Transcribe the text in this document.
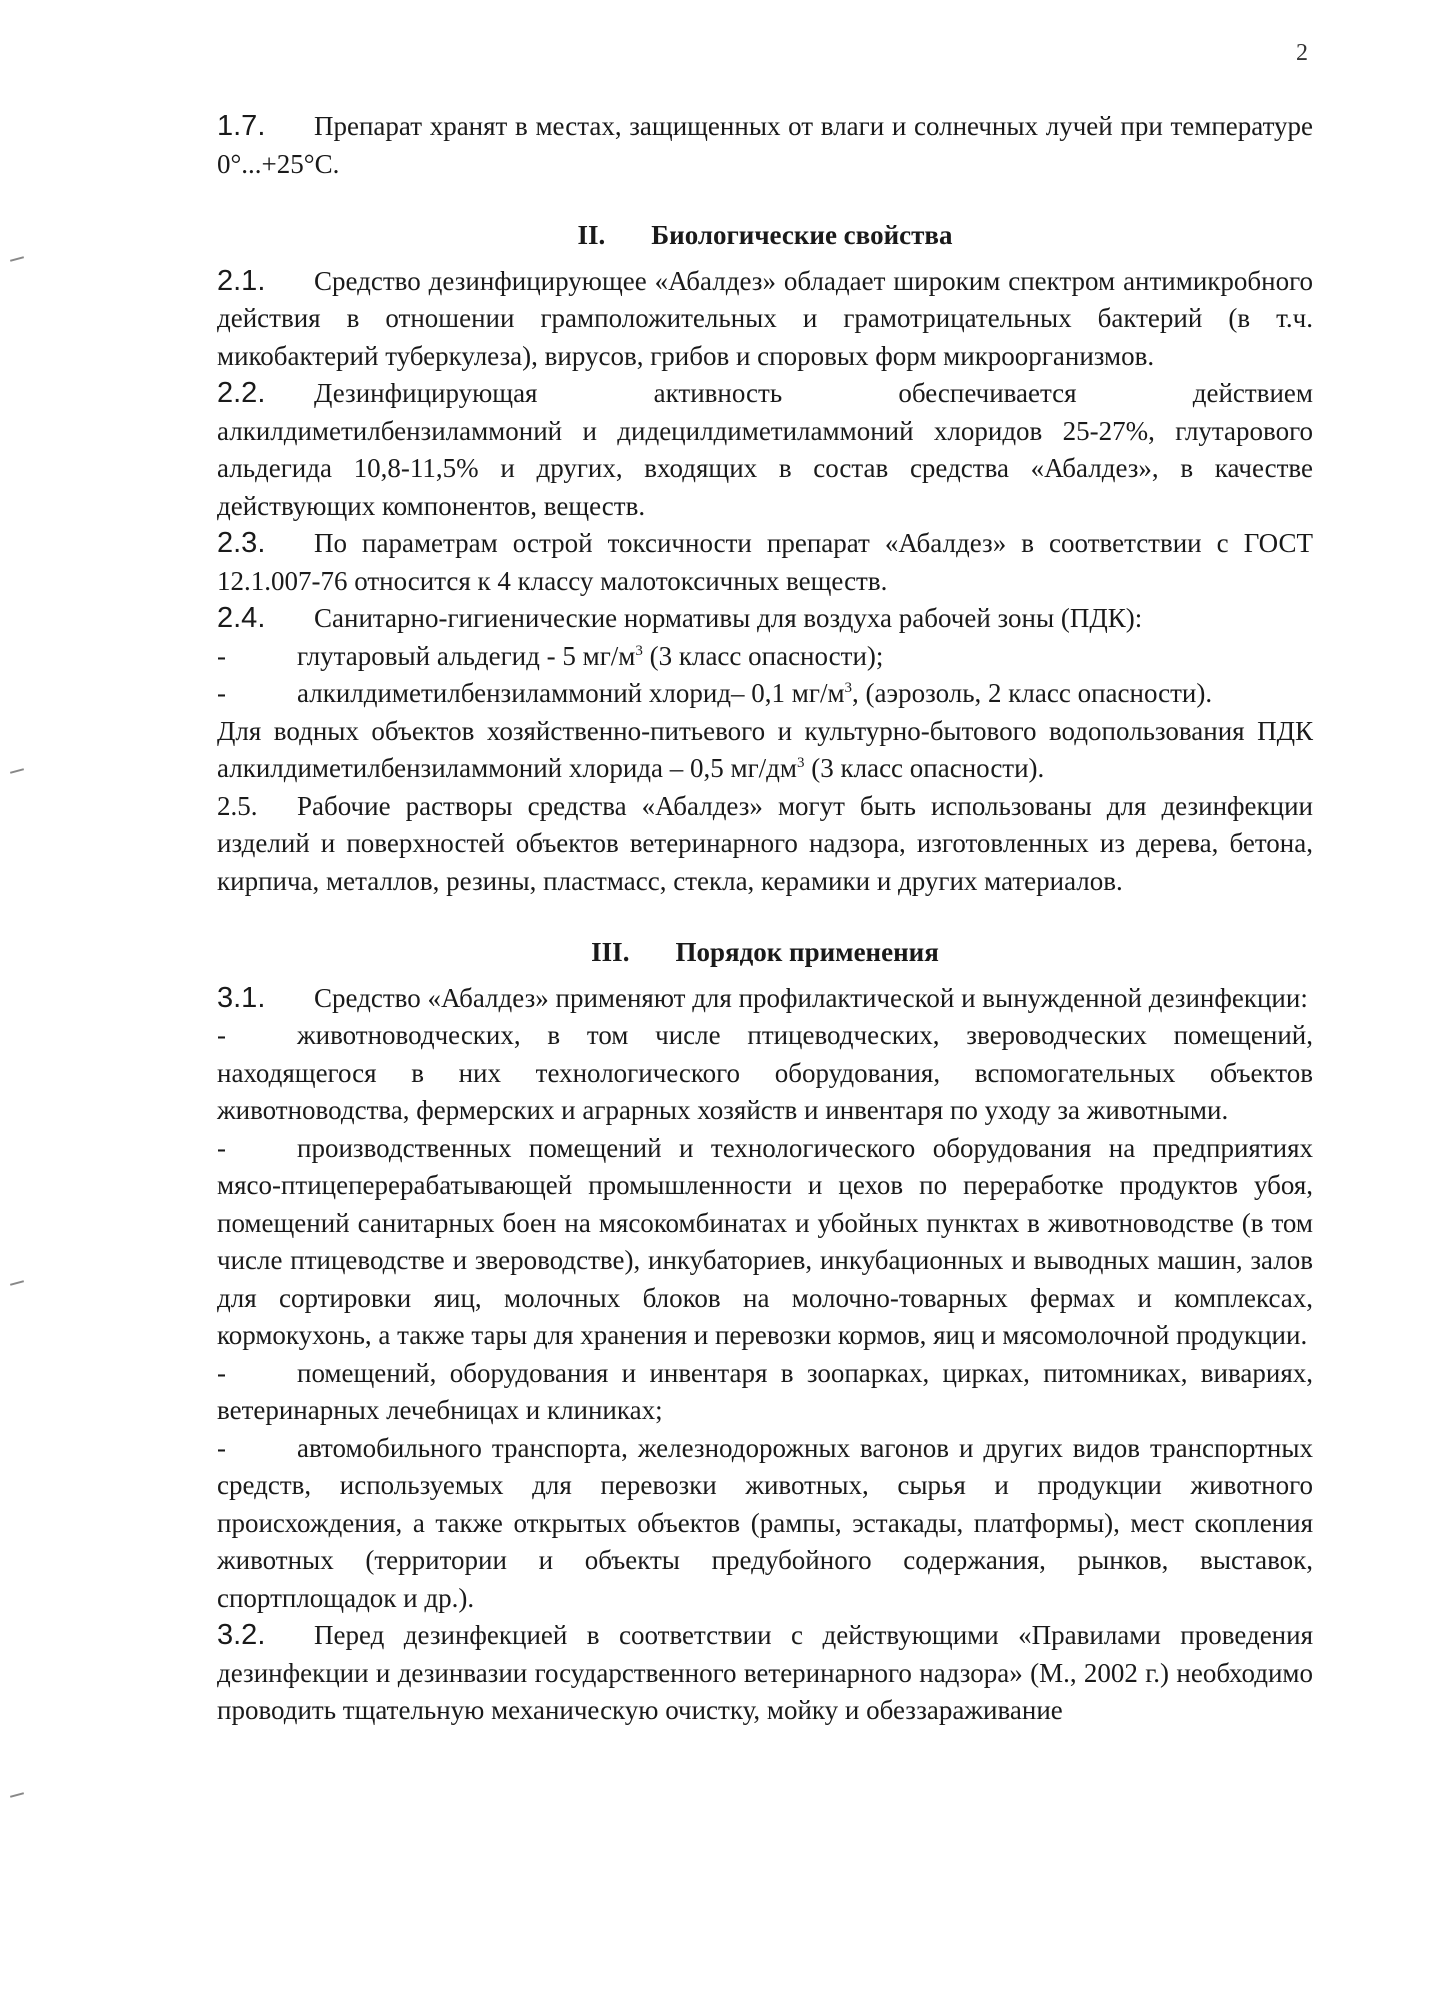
2

1.7. Препарат хранят в местах, защищенных от влаги и солнечных лучей при температуре 0°...+25°C.

II. Биологические свойства

2.1. Средство дезинфицирующее «Абалдез» обладает широким спектром антимикробного действия в отношении грамположительных и грамотрицательных бактерий (в т.ч. микобактерий туберкулеза), вирусов, грибов и споровых форм микроорганизмов.

2.2. Дезинфицирующая активность обеспечивается действием алкилдиметилбензиламмоний и дидецилдиметиламмоний хлоридов 25-27%, глутарового альдегида 10,8-11,5% и других, входящих в состав средства «Абалдез», в качестве действующих компонентов, веществ.

2.3. По параметрам острой токсичности препарат «Абалдез» в соответствии с ГОСТ 12.1.007-76 относится к 4 классу малотоксичных веществ.

2.4. Санитарно-гигиенические нормативы для воздуха рабочей зоны (ПДК):

-	глутаровый альдегид - 5 $мг/м^3$ (3 класс опасности);

-	алкилдиметилбензиламмоний хлорид– 0,1 $мг/м^3$, (аэрозоль, 2 класс опасности).

Для водных объектов хозяйственно-питьевого и культурно-бытового водопользования ПДК алкилдиметилбензиламмоний хлорида – 0,5 $мг/дм^3$ (3 класс опасности).

2.5. Рабочие растворы средства «Абалдез» могут быть использованы для дезинфекции изделий и поверхностей объектов ветеринарного надзора, изготовленных из дерева, бетона, кирпича, металлов, резины, пластмасс, стекла, керамики и других материалов.

III. Порядок применения

3.1. Средство «Абалдез» применяют для профилактической и вынужденной дезинфекции:

-	животноводческих, в том числе птицеводческих, звероводческих помещений, находящегося в них технологического оборудования, вспомогательных объектов животноводства, фермерских и аграрных хозяйств и инвентаря по уходу за животными.

-	производственных помещений и технологического оборудования на предприятиях мясо-птицеперерабатывающей промышленности и цехов по переработке продуктов убоя, помещений санитарных боен на мясокомбинатах и убойных пунктах в животноводстве (в том числе птицеводстве и звероводстве), инкубаториев, инкубационных и выводных машин, залов для сортировки яиц, молочных блоков на молочно-товарных фермах и комплексах, кормокухонь, а также тары для хранения и перевозки кормов, яиц и мясомолочной продукции.

-	помещений, оборудования и инвентаря в зоопарках, цирках, питомниках, вивариях, ветеринарных лечебницах и клиниках;

-	автомобильного транспорта, железнодорожных вагонов и других видов транспортных средств, используемых для перевозки животных, сырья и продукции животного происхождения, а также открытых объектов (рампы, эстакады, платформы), мест скопления животных (территории и объекты предубойного содержания, рынков, выставок, спортплощадок и др.).

3.2. Перед дезинфекцией в соответствии с действующими «Правилами проведения дезинфекции и дезинвазии государственного ветеринарного надзора» (М., 2002 г.) необходимо проводить тщательную механическую очистку, мойку и обеззараживание
